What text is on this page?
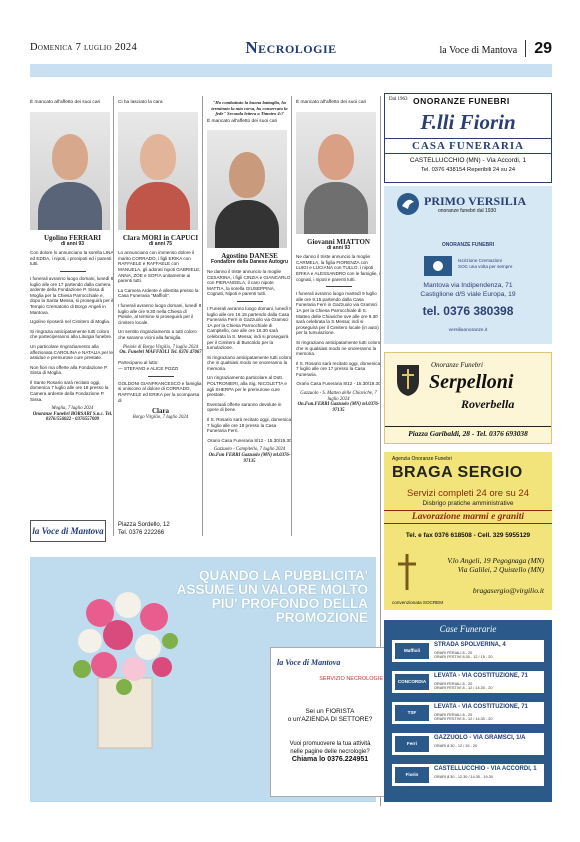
Domenica 7 luglio 2024	Necrologie	la Voce di Mantova 29
È mancato all'affetto dei suoi cari
Ugolino FERRARI
di anni 93

Con dolore lo annunciano la sorella LINA ed EDDA, i nipoti, i pronipoti ed i parenti tutti.

I funerali avranno luogo domani, lunedì 8 luglio alle ore 17 partendo dalla camera ardente della Fondazione P. Sissa di Moglia per la Chiesa Parrocchiale e, dopo la Santa Messa, si proseguirà per il Tempio Crematorio di Borgo Angeli in Mantova.

Ugolino riposerà nel Cimitero di Moglia.

Si ringrazia anticipatamente tutti coloro che parteciperanno alla Liturgia funebre.

Un particolare ringraziamento alla affezionata CAROLINA e NATALIA per le assidue e premurose cure prestate.

Non fiori ma offerte alla Fondazione P. Sissa di Moglia.

Il Santo Rosario sarà recitato oggi, domenica 7 luglio alle ore 18 presso la Camera ardente della Fondazione P. Sissa.

Moglia, 7 luglio 2024
Onoranze Funebri BORSARI S.n.c. Tel. 0376/556022 - 0376557009
Ci ha lasciato la cara
Clara MORI in CAPUCI
di anni 75

Lo annunciano con immenso dolore il marito CORRADO, i figli ERIKA con RAFFAELE e RAFFAELE con MANUELA, gli adorati nipoti GABRIELE, ANNA, ZOE e SOFIA unitamente ai parenti tutti.

La Camera Ardente è allestita presso la Casa Funeraria "Maffioli".

I funerali avranno luogo domani, lunedì 8 luglio alle ore 9.30 nella Chiesa di Pieiole, al termine si proseguirà per il cimitero locale.

Un sentito ringraziamento a tutti coloro che saranno vicini alla famiglia.

Pieiole di Borgo Virgilio, 7 luglio 2024
On. Funebri MAFFIOLI Tel. 0376 47067

Partecipano al lutto:

— STEFANO e ALICE POZZI

GOLDONI GIANFRANCESCO e famiglia si uniscono al dolore di CORRADO, RAFFAELE ed ERIKA per la scomparsa di

Clara
Borgo Virgilio, 7 luglio 2024
"Ho combattuto la buona battaglia, ho terminato la mia corsa, ho conservato la fede" Seconda lettera a Timoteo 4:7
È mancato all'affetto dei suoi cari
Agostino DANESE
Fondatore della Danese Autogru

Ne danno il triste annuncio la moglie CESARINA, i figli CINZIA e GIANCARLO con PIERANGELA, il caro nipote MATTIA, la sorella GIUSEPPINA, Cognati, Nipoti e parenti tutti.

I Funerali avranno luogo domani, lunedì 8 luglio alle ore 16.15 partendo dalla Casa Funeraria Ferri in Gazzuolo via Gramsci 1A per la Chiesa Parrocchiale di Campitello, ove alle ore 16.30 sarà celebrata la S. Messa; indi si proseguirà per il Cimitero di Buscoldo per la tumulazione.

Si ringraziano anticipatamente tutti coloro che in qualsiasi modo ne onoreranno la memoria.

Un ringraziamento particolare al Dott. POLTRONIERI, alla Sig. NICOLETTA e agli SHERPA per le premurose cure prestate.

Eventuali offerte saranno devolute in opere di bene.

Il S. Rosario sarà recitato oggi, domenica 7 luglio alle ore 18 presso la Casa Funeraria Ferri.

Orario Casa Funeraria 8/12 - 15.30/19.30

Gazzuolo - Campitello, 7 luglio 2024
On.Fun FERRI Gazzuolo (MN) tel.0376-97135
È mancato all'affetto dei suoi cari
Giovanni MIATTON
di anni 93

Ne danno il triste annuncio la moglie CARMELA, la figlia FIORENZA con LUIGI e LUCIANA con TULLO, i nipoti ERIKA e ALESSANDRO con le famiglie, i cognati, i nipoti e parenti tutti.

I funerali avranno luogo martedì 9 luglio alle ore 9.15 partendo dalla Casa Funeraria Ferri in Gazzuolo via Gramsci 1A per la Chiesa Parrocchiale di S. Matteo delle Chiaviche ove alle ore 9.30 sarà celebrata la S.Messa; indi si proseguirà per il Cimitero locale (in auto) per la tumulazione.

Si ringraziano anticipatamente tutti coloro che in qualsiasi modo ne onoreranno la memoria.

Il S. Rosario sarà recitato oggi, domenica 7 luglio alle ore 17 presso la Casa Funeraria.

Orario Casa Funeraria 8/12 - 15.30/19.30

Gazzuolo - S. Matteo delle Chiaviche, 7 luglio 2024
On.Fun.FERRI Gazzuolo (MN) tel.0376-97135
la Voce di Mantova
Piazza Sordello, 12
Tel. 0376 222266
QUANDO LA PUBBLICITA' ASSUME UN VALORE MOLTO PIU' PROFONDO DELLA PROMOZIONE
la Voce di Mantova
SERVIZIO NECROLOGIE
Sei un FIORISTA
o un'AZIENDA DI SETTORE?
Vuoi promuovere la tua attività
nelle pagine delle necrologie?
Chiama lo 0376.224951
Dal 1963 ONORANZE FUNEBRI
F.lli Fiorin
CASA FUNERARIA
CASTELLUCCHIO (MN) - Via Accordi, 1
Tel. 0376 438154 Reperibili 24 su 24
PRIMO VERSILIA
onoranze funebri dal 1930
ONORANZE FUNEBRI
Iscrizione Cremazioni
SOC una volta per sempre
Mantova via Indipendenza, 71
Castiglione d/S viale Europa, 19
tel. 0376 380398
versiliaonoranze.it
Onoranze Funebri
Serpelloni
Roverbella
Piazza Garibaldi, 28 - Tel. 0376 693038
Agenzia Onoranze Funebri
BRAGA SERGIO
Servizi completi 24 ore su 24
Disbrigo pratiche amministrative
Lavorazione marmi e graniti
Tel. e fax 0376 618508 - Cell. 329 5955129
V.lo Angeli, 19 Pegognaga (MN)
Via Galilei, 2 Quistello (MN)
bragasergio@virgilio.it
convenzionata SOCREM
Case Funerarie
Maffioli
STRADA SPOLVERINA, 4
ORARI FERIALI 8 - 20
ORARI FESTIVI 8.30 - 12 / 15 - 20
CONCORDIA
LEVATA - VIA COSTITUZIONE, 71
ORARI FERIALI 8 - 20
ORARI FESTIVI 8 - 12 / 14.30 - 20
TSF
LEVATA - VIA COSTITUZIONE, 71
ORARI FERIALI 8 - 20
ORARI FESTIVI 8 - 12 / 14.30 - 20
Ferri
GAZZUOLO - VIA GRAMSCI, 1/A
ORARI 8.30 - 12 / 15 - 20
Fiorin
CASTELLUCCHIO - VIA ACCORDI, 1
ORARI 8.30 - 12.30 / 14.30 - 19.30
